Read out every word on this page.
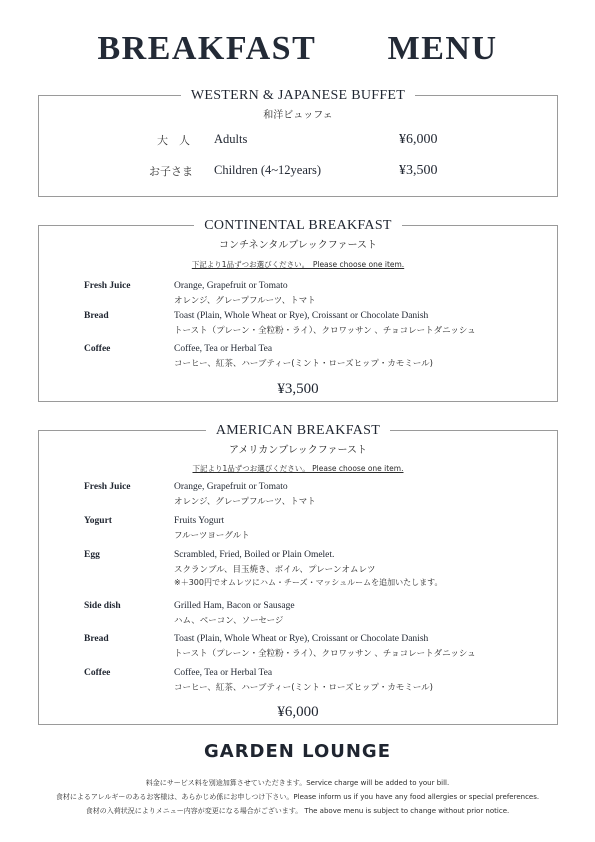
BREAKFAST   MENU
WESTERN & JAPANESE BUFFET
和洋ビュッフェ
大　人 Adults	¥6,000
お子さま Children (4~12years)	¥3,500
CONTINENTAL BREAKFAST
コンチネンタルブレックファースト
下記より1品ずつお選びください。　Please choose one item.
Fresh Juice	Orange, Grapefruit or Tomato
オレンジ、グレープフルーツ、トマト
Bread	Toast (Plain, Whole Wheat or Rye), Croissant or Chocolate Danish
トースト（プレーン・全粒粉・ライ）、クロワッサン 、チョコレートダニッシュ
Coffee	Coffee, Tea or Herbal Tea
コーヒー、紅茶、ハーブティー(ミント・ローズヒップ・カモミール)
¥3,500
AMERICAN BREAKFAST
アメリカンブレックファースト
下記より1品ずつお選びください。 Please choose one item.
Fresh Juice	Orange, Grapefruit or Tomato
オレンジ、グレープフルーツ、トマト
Yogurt	Fruits Yogurt
フルーツヨーグルト
Egg	Scrambled, Fried, Boiled or Plain Omelet.
スクランブル、目玉焼き、ボイル、プレーンオムレツ
※＋300円でオムレツにハム・チーズ・マッシュルームを追加いたします。
Side dish	Grilled Ham, Bacon or Sausage
ハム、ベーコン、ソーセージ
Bread	Toast (Plain, Whole Wheat or Rye), Croissant or Chocolate Danish
トースト（プレーン・全粒粉・ライ）、クロワッサン 、チョコレートダニッシュ
Coffee	Coffee, Tea or Herbal Tea
コーヒー、紅茶、ハーブティー(ミント・ローズヒップ・カモミール)
¥6,000
GARDEN LOUNGE
料金にサービス料を別途加算させていただきます。Service charge will be added to your bill.
食材によるアレルギーのあるお客様は、あらかじめ係にお申しつけ下さい。Please inform us if you have any food allergies or special preferences.
食材の入荷状況によりメニュー内容が変更になる場合がございます。 The above menu is subject to change without prior notice.
